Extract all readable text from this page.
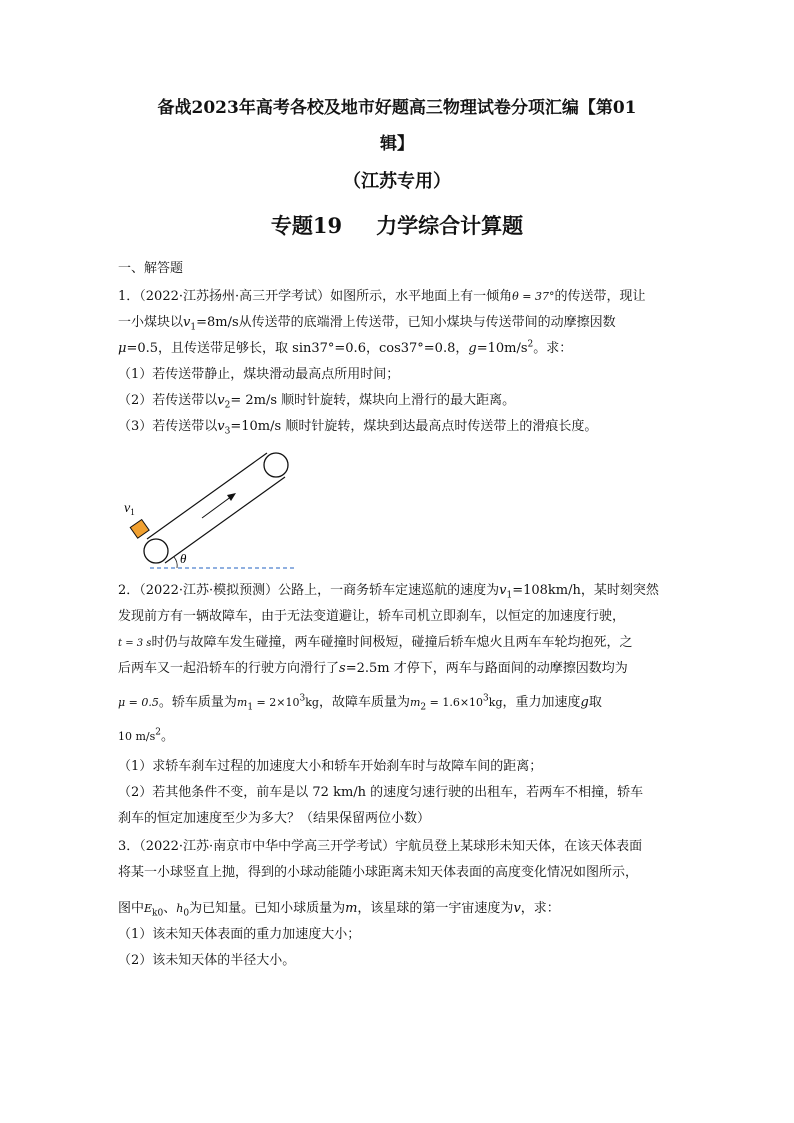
备战2023年高考各校及地市好题高三物理试卷分项汇编【第01
辑】
（江苏专用）
专题19 力学综合计算题
一、解答题
1．（2022·江苏扬州·高三开学考试）如图所示，水平地面上有一倾角θ = 37°的传送带，现让
一小煤块以$v_1=8m/s$从传送带的底端滑上传送带，已知小煤块与传送带间的动摩擦因数
μ=0.5，且传送带足够长，取 sin37°=0.6，cos37°=0.8，$g=10m/s^2$。求：
（1）若传送带静止，煤块滑动最高点所用时间；
（2）若传送带以$v_2= 2m/s$ 顺时针旋转，煤块向上滑行的最大距离。
（3）若传送带以$v_3=10m/s$ 顺时针旋转，煤块到达最高点时传送带上的滑痕长度。
θ
$v_1$
2．（2022·江苏·模拟预测）公路上，一商务轿车定速巡航的速度为$v_1=108km/h$，某时刻突然
发现前方有一辆故障车，由于无法变道避让，轿车司机立即刹车，以恒定的加速度行驶，
t = 3 s时仍与故障车发生碰撞，两车碰撞时间极短，碰撞后轿车熄火且两车车轮均抱死，之
后两车又一起沿轿车的行驶方向滑行了s=2.5m 才停下，两车与路面间的动摩擦因数均为
μ = 0.5。轿车质量为$m_1 = 2\times 10^3kg$，故障车质量为$m_2 = 1.6\times 10^3kg$，重力加速度g取
10 $m/s^2$。
（1）求轿车刹车过程的加速度大小和轿车开始刹车时与故障车间的距离；
（2）若其他条件不变，前车是以 72 km/h 的速度匀速行驶的出租车，若两车不相撞，轿车
刹车的恒定加速度至少为多大？（结果保留两位小数）
3．（2022·江苏·南京市中华中学高三开学考试）宇航员登上某球形未知天体，在该天体表面
将某一小球竖直上抛，得到的小球动能随小球距离未知天体表面的高度变化情况如图所示，
图中$E_{k0}$、$h_0$为已知量。已知小球质量为m，该星球的第一宇宙速度为v，求：
（1）该未知天体表面的重力加速度大小；
（2）该未知天体的半径大小。
